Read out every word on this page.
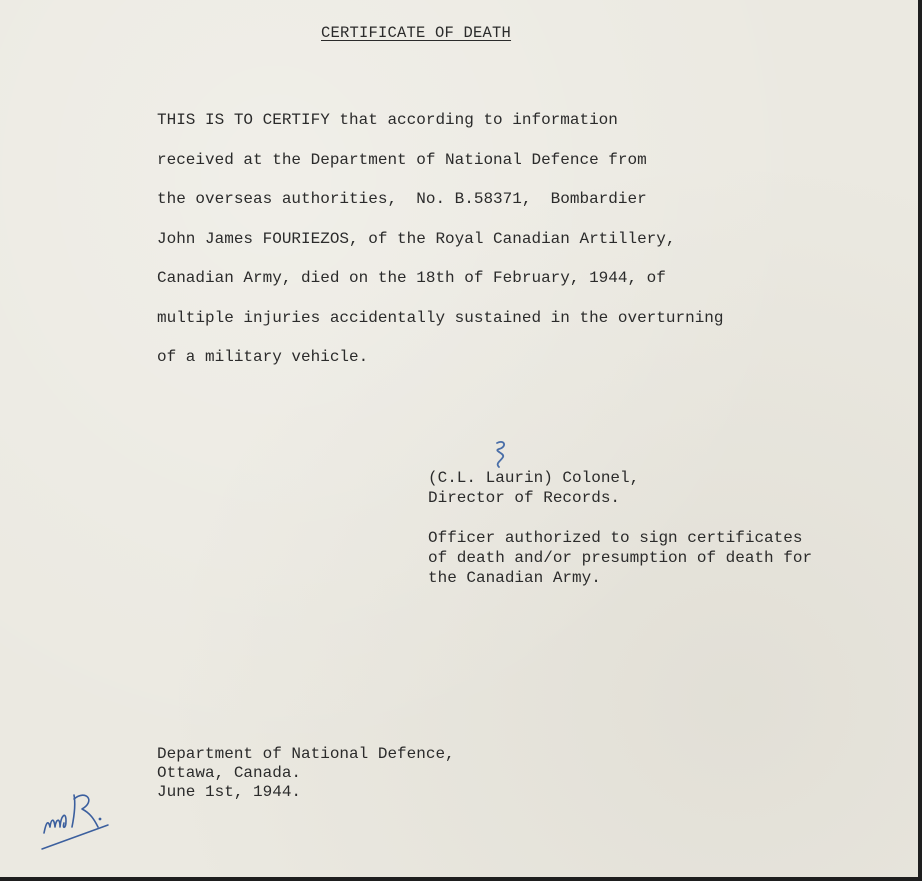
CERTIFICATE OF DEATH

THIS IS TO CERTIFY that according to information
received at the Department of National Defence from
the overseas authorities,  No. B.58371,  Bombardier
John James FOURIEZOS, of the Royal Canadian Artillery,
Canadian Army, died on the 18th of February, 1944, of
multiple injuries accidentally sustained in the overturning
of a military vehicle.

(C.L. Laurin) Colonel,
Director of Records.
Officer authorized to sign certificates
of death and/or presumption of death for
the Canadian Army.
Department of National Defence,
Ottawa, Canada.
June 1st, 1944.
